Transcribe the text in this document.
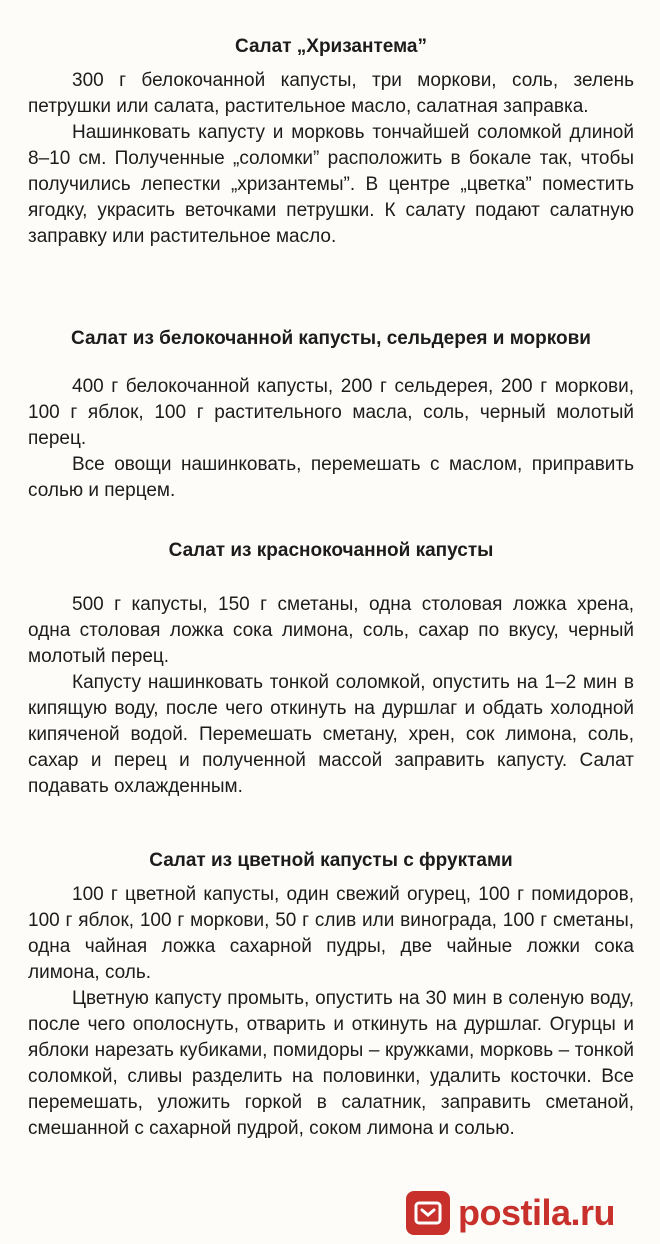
Салат „Хризантема”

300 г белокочанной капусты, три моркови, соль, зелень петрушки или салата, растительное масло, салатная заправка.

Нашинковать капусту и морковь тончайшей соломкой длиной 8–10 см. Полученные „соломки” расположить в бокале так, чтобы получились лепестки „хризантемы”. В центре „цветка” поместить ягодку, украсить веточками петрушки. К салату подают салатную заправку или растительное масло.

Салат из белокочанной капусты, сельдерея и моркови

400 г белокочанной капусты, 200 г сельдерея, 200 г моркови, 100 г яблок, 100 г растительного масла, соль, черный молотый перец.

Все овощи нашинковать, перемешать с маслом, приправить солью и перцем.

Салат из краснокочанной капусты

500 г капусты, 150 г сметаны, одна столовая ложка хрена, одна столовая ложка сока лимона, соль, сахар по вкусу, черный молотый перец.

Капусту нашинковать тонкой соломкой, опустить на 1–2 мин в кипящую воду, после чего откинуть на дуршлаг и обдать холодной кипяченой водой. Перемешать сметану, хрен, сок лимона, соль, сахар и перец и полученной массой заправить капусту. Салат подавать охлажденным.

Салат из цветной капусты с фруктами

100 г цветной капусты, один свежий огурец, 100 г помидоров, 100 г яблок, 100 г моркови, 50 г слив или винограда, 100 г сметаны, одна чайная ложка сахарной пудры, две чайные ложки сока лимона, соль.

Цветную капусту промыть, опустить на 30 мин в соленую воду, после чего ополоснуть, отварить и откинуть на дуршлаг. Огурцы и яблоки нарезать кубиками, помидоры – кружками, морковь – тонкой соломкой, сливы разделить на половинки, удалить косточки. Все перемешать, уложить горкой в салатник, заправить сметаной, смешанной с сахарной пудрой, соком лимона и солью.

postila.ru
